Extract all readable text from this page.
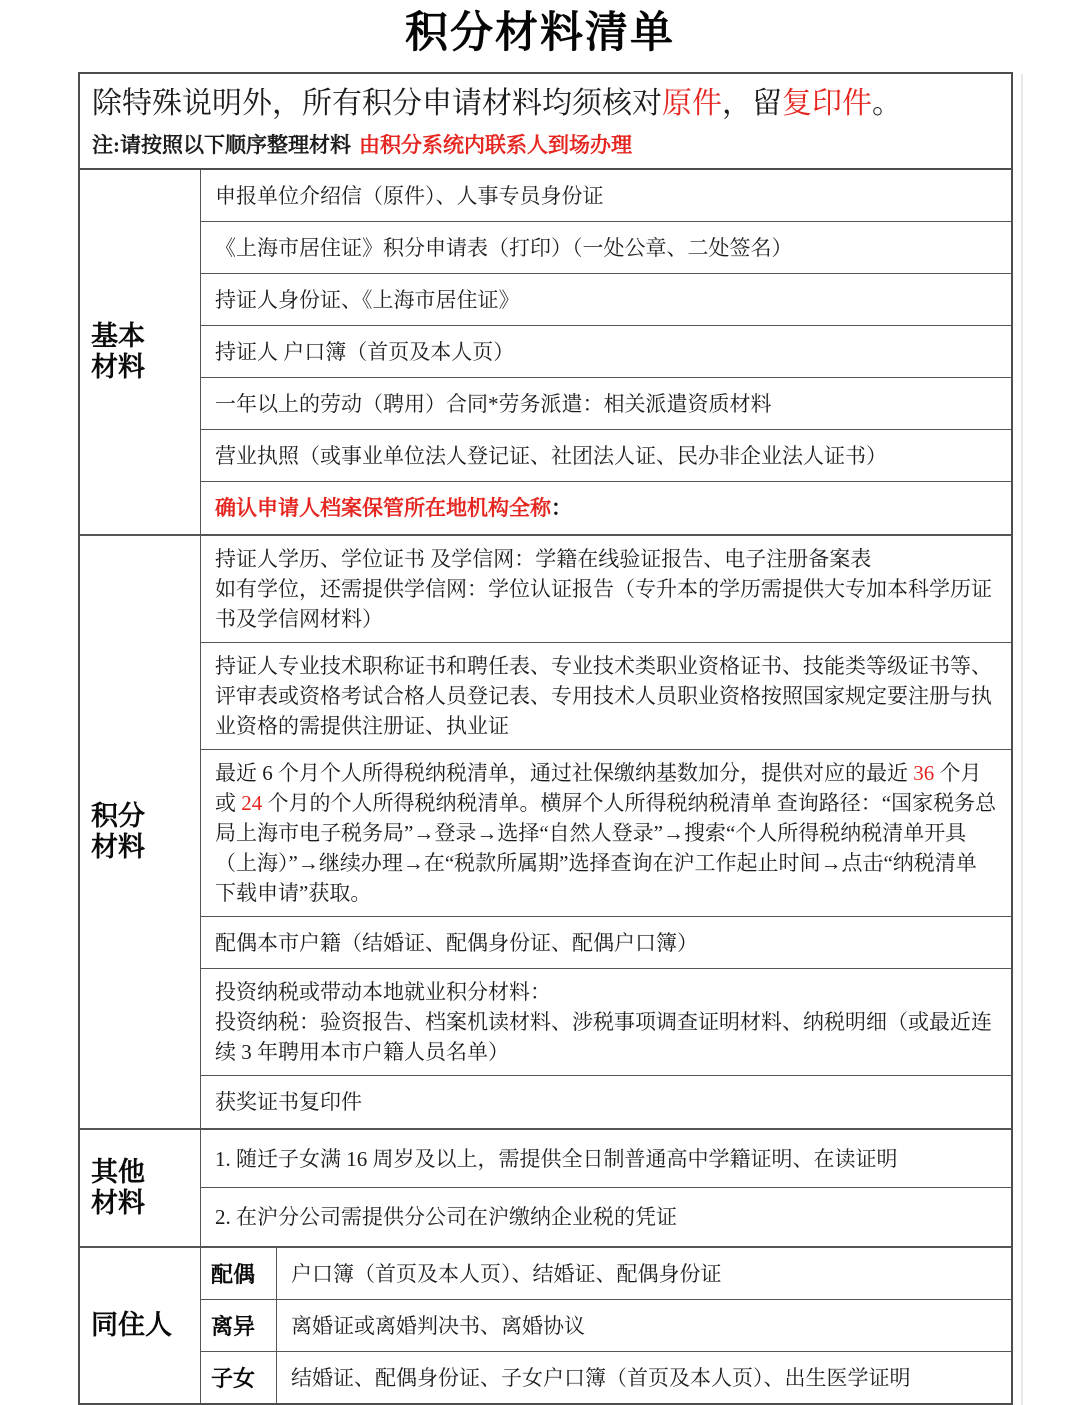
积分材料清单

除特殊说明外，所有积分申请材料均须核对原件，留复印件。

注:请按照以下顺序整理材料 由积分系统内联系人到场办理

基本
材料
申报单位介绍信（原件）、人事专员身份证
《上海市居住证》积分申请表（打印）（一处公章、二处签名）
持证人身份证、《上海市居住证》
持证人 户口簿（首页及本人页）
一年以上的劳动（聘用）合同*劳务派遣：相关派遣资质材料
营业执照（或事业单位法人登记证、社团法人证、民办非企业法人证书）

确认申请人档案保管所在地机构全称：

积分
材料

持证人学历、学位证书 及学信网：学籍在线验证报告、电子注册备案表

如有学位，还需提供学信网：学位认证报告（专升本的学历需提供大专加本科学历证书及学信网材料）

持证人专业技术职称证书和聘任表、专业技术类职业资格证书、技能类等级证书等、评审表或资格考试合格人员登记表、专用技术人员职业资格按照国家规定要注册与执业资格的需提供注册证、执业证

最近 6 个月个人所得税纳税清单，通过社保缴纳基数加分，提供对应的最近 36 个月或 24 个月的个人所得税纳税清单。横屏个人所得税纳税清单 查询路径：“国家税务总局上海市电子税务局”→登录→选择“自然人登录”→搜索“个人所得税纳税清单开具（上海）”→继续办理→在“税款所属期”选择查询在沪工作起止时间→点击“纳税清单下载申请”获取。

配偶本市户籍（结婚证、配偶身份证、配偶户口簿）

投资纳税或带动本地就业积分材料：

投资纳税：验资报告、档案机读材料、涉税事项调查证明材料、纳税明细（或最近连续 3 年聘用本市户籍人员名单）

获奖证书复印件
其他
材料
1. 随迁子女满 16 周岁及以上，需提供全日制普通高中学籍证明、在读证明
2. 在沪分公司需提供分公司在沪缴纳企业税的凭证
同住人
配偶	户口簿（首页及本人页）、结婚证、配偶身份证
离异	离婚证或离婚判决书、离婚协议
子女	结婚证、配偶身份证、子女户口簿（首页及本人页）、出生医学证明
